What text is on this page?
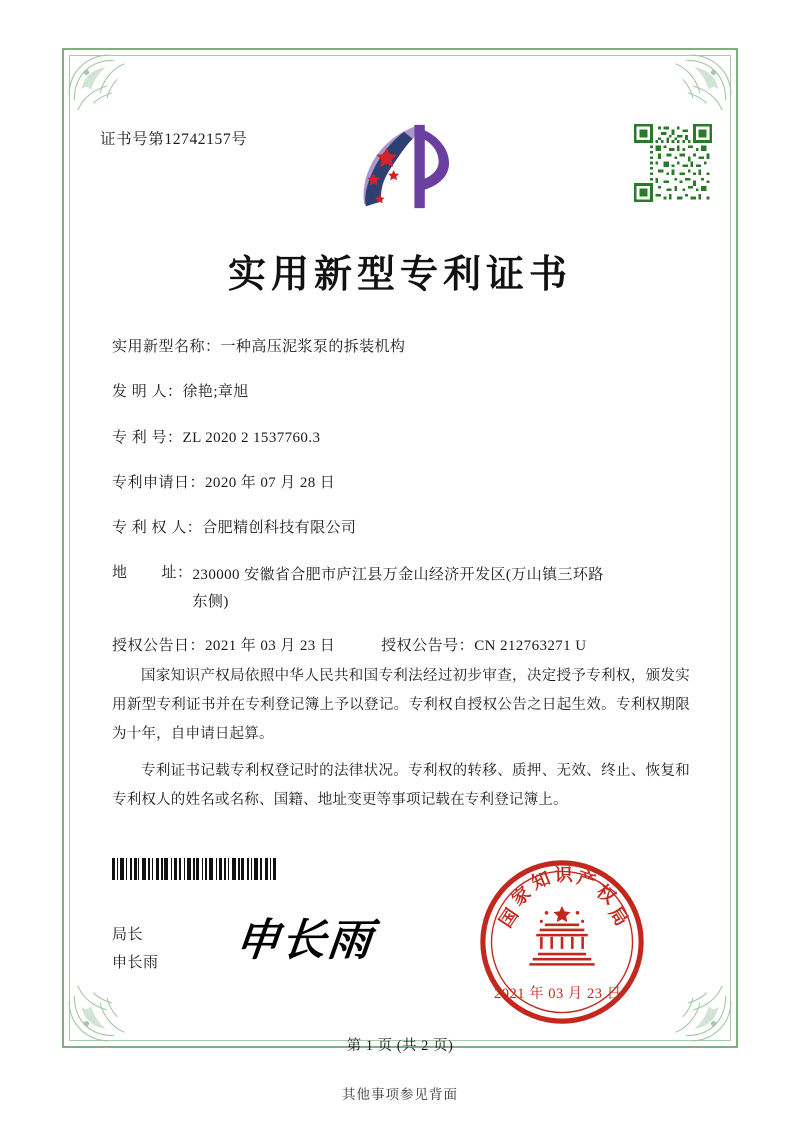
证书号第12742157号
实用新型专利证书
实用新型名称： 一种高压泥浆泵的拆装机构
发 明 人： 徐艳;章旭
专 利 号： ZL 2020 2 1537760.3
专利申请日： 2020 年 07 月 28 日
专 利 权 人： 合肥精创科技有限公司
地        址： 230000 安徽省合肥市庐江县万金山经济开发区(万山镇三环路东侧)
授权公告日： 2021 年 03 月 23 日	授权公告号： CN 212763271 U

国家知识产权局依照中华人民共和国专利法经过初步审查，决定授予专利权，颁发实用新型专利证书并在专利登记簿上予以登记。专利权自授权公告之日起生效。专利权期限为十年，自申请日起算。

专利证书记载专利权登记时的法律状况。专利权的转移、质押、无效、终止、恢复和专利权人的姓名或名称、国籍、地址变更等事项记载在专利登记簿上。

局长
申长雨 申长雨	国
家
知 识 产
权
局
2021 年 03 月 23 日
第 1 页 (共 2 页)
其他事项参见背面
